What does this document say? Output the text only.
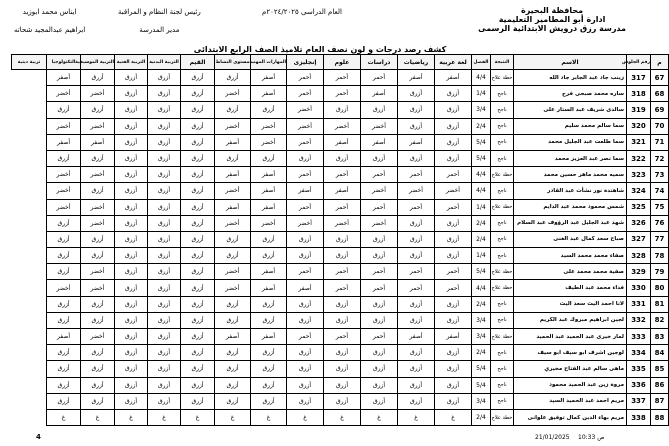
محافظة البحيرة
ادارة أبو المطامير التعليمية
مدرسة رزق درويش الابتدائية الرسمى
العام الدراسى ٢٠٢٤/٢٠٢٥م
رئيس لجنة النظام و المراقبة
مدير المدرسة
ايناس محمد ابوزيد
ابراهيم عبدالمجيد شحاته
كشف رصد درجات و لون نصف العام تلاميذ الصف الرابع الابتدائى
م	رقم الجلوس	الاسم	النتيجة	الفصل	لغة عربية	رياضيات	دراسات	علوم	إنجليزى	المهارات المهنية	مستوى النشاط	القيم	التربية البدنية	التربية الفنية	التربية الموسيقية	التكنولوجيا	تربية دينية
67	317	زينب جاد عبد الجابر جاد الله	خطة علاج	4/4	أصفر	أصفر	أحمر	أحمر	أحمر	أصفر	أزرق	أزرق	أزرق	أزرق	أزرق	أصفر	
68	318	ساره محمد صبحى فرج	ناجح	1/4	أزرق	أزرق	أصفر	أحمر	أحمر	أصفر	أخضر	أزرق	أزرق	أزرق	أخضر	أخضر	
69	319	سالدى شريف عبد الستار على	ناجح	3/4	أزرق	أزرق	أزرق	أزرق	أخضر	أزرق	أزرق	أزرق	أزرق	أزرق	أزرق	أزرق	
70	320	سما سالم محمد سليم	ناجح	2/4	أزرق	أزرق	أخضر	أخضر	أخضر	أخضر	أخضر	أزرق	أزرق	أزرق	أخضر	أخضر	
71	321	سما طلعت عبد الجليل محمد	ناجح	5/4	أزرق	أصفر	أصفر	أصفر	أحمر	أخضر	أصفر	أزرق	أزرق	أزرق	أصفر	أصفر	
72	322	سما نصر عبد العزيز محمد	ناجح	5/4	أزرق	أزرق	أزرق	أزرق	أزرق	أزرق	أزرق	أزرق	أزرق	أزرق	أزرق	أزرق	
73	323	سميه محمد ماهر حسين محمد	خطة علاج	4/4	أحمر	أحمر	أحمر	أحمر	أحمر	أصفر	أصفر	أزرق	أزرق	أزرق	أخضر	أخضر	
74	324	شاهندة نور نشأت عبد القادر	ناجح	4/4	أخضر	أخضر	أخضر	أصفر	أصفر	أصفر	أخضر	أزرق	أزرق	أزرق	أزرق	أخضر	
75	325	شمس محمود محمد عبد الدايم	خطة علاج	1/4	أحمر	أحمر	أحمر	أحمر	أحمر	أصفر	أصفر	أزرق	أزرق	أزرق	أخضر	أخضر	
76	326	شهد عبد الجليل عبد الرؤوف عبد السلام	ناجح	2/4	أزرق	أزرق	أخضر	أخضر	أخضر	أخضر	أخضر	أزرق	أزرق	أزرق	أخضر	أزرق	
77	327	صباح سعد كمال عبد الغنى	ناجح	2/4	أزرق	أزرق	أزرق	أزرق	أزرق	أزرق	أزرق	أزرق	أزرق	أزرق	أزرق	أزرق	
78	328	صفاء محمد محمد السيد	ناجح	1/4	أزرق	أزرق	أزرق	أزرق	أزرق	أزرق	أزرق	أزرق	أزرق	أزرق	أزرق	أزرق	
79	329	صفية محمد محمد على	خطة علاج	5/4	أحمر	أحمر	أحمر	أحمر	أحمر	أصفر	أخضر	أزرق	أزرق	أزرق	أخضر	أزرق	
80	330	فداء محمد عبد الطيف	خطة علاج	4/4	أحمر	أحمر	أحمر	أحمر	أصفر	أصفر	أخضر	أزرق	أزرق	أزرق	أخضر	أخضر	
81	331	لانا احمد اليث سعد اليث	ناجح	2/4	أزرق	أزرق	أزرق	أزرق	أزرق	أزرق	أزرق	أزرق	أزرق	أزرق	أزرق	أزرق	
82	332	لجين ابراهيم مبروك عبد الكريم	ناجح	3/4	أزرق	أزرق	أزرق	أزرق	أزرق	أزرق	أزرق	أزرق	أزرق	أزرق	أزرق	أزرق	
83	333	لمار خيرى عبد الحميد عبد الحميد	خطة علاج	3/4	أصفر	أصفر	أحمر	أحمر	أحمر	أصفر	أصفر	أزرق	أزرق	أزرق	أخضر	أصفر	
84	334	لوجين اشرف ابو سيف ابو سيف	ناجح	2/4	أزرق	أزرق	أزرق	أزرق	أزرق	أزرق	أزرق	أزرق	أزرق	أزرق	أزرق	أزرق	
85	335	ماهى سالم عبد الفتاح مخيري	ناجح	5/4	أزرق	أزرق	أزرق	أزرق	أزرق	أزرق	أزرق	أزرق	أزرق	أزرق	أزرق	أزرق	
86	336	مروة زين عبد الحميد محمود	ناجح	5/4	أزرق	أزرق	أزرق	أزرق	أزرق	أزرق	أزرق	أزرق	أزرق	أزرق	أزرق	أزرق	
87	337	مريم احمد عبد الحميد السيد	ناجح	3/4	أزرق	أزرق	أزرق	أزرق	أزرق	أزرق	أزرق	أزرق	أزرق	أزرق	أزرق	أزرق	
88	338	مريم بهاء الدين كمال توفيق علوانى	خطة علاج	2/4	غ	غ	غ	غ	غ	غ	غ	غ	غ	غ	غ	غ	
4	21/01/2025 10:33 ص
